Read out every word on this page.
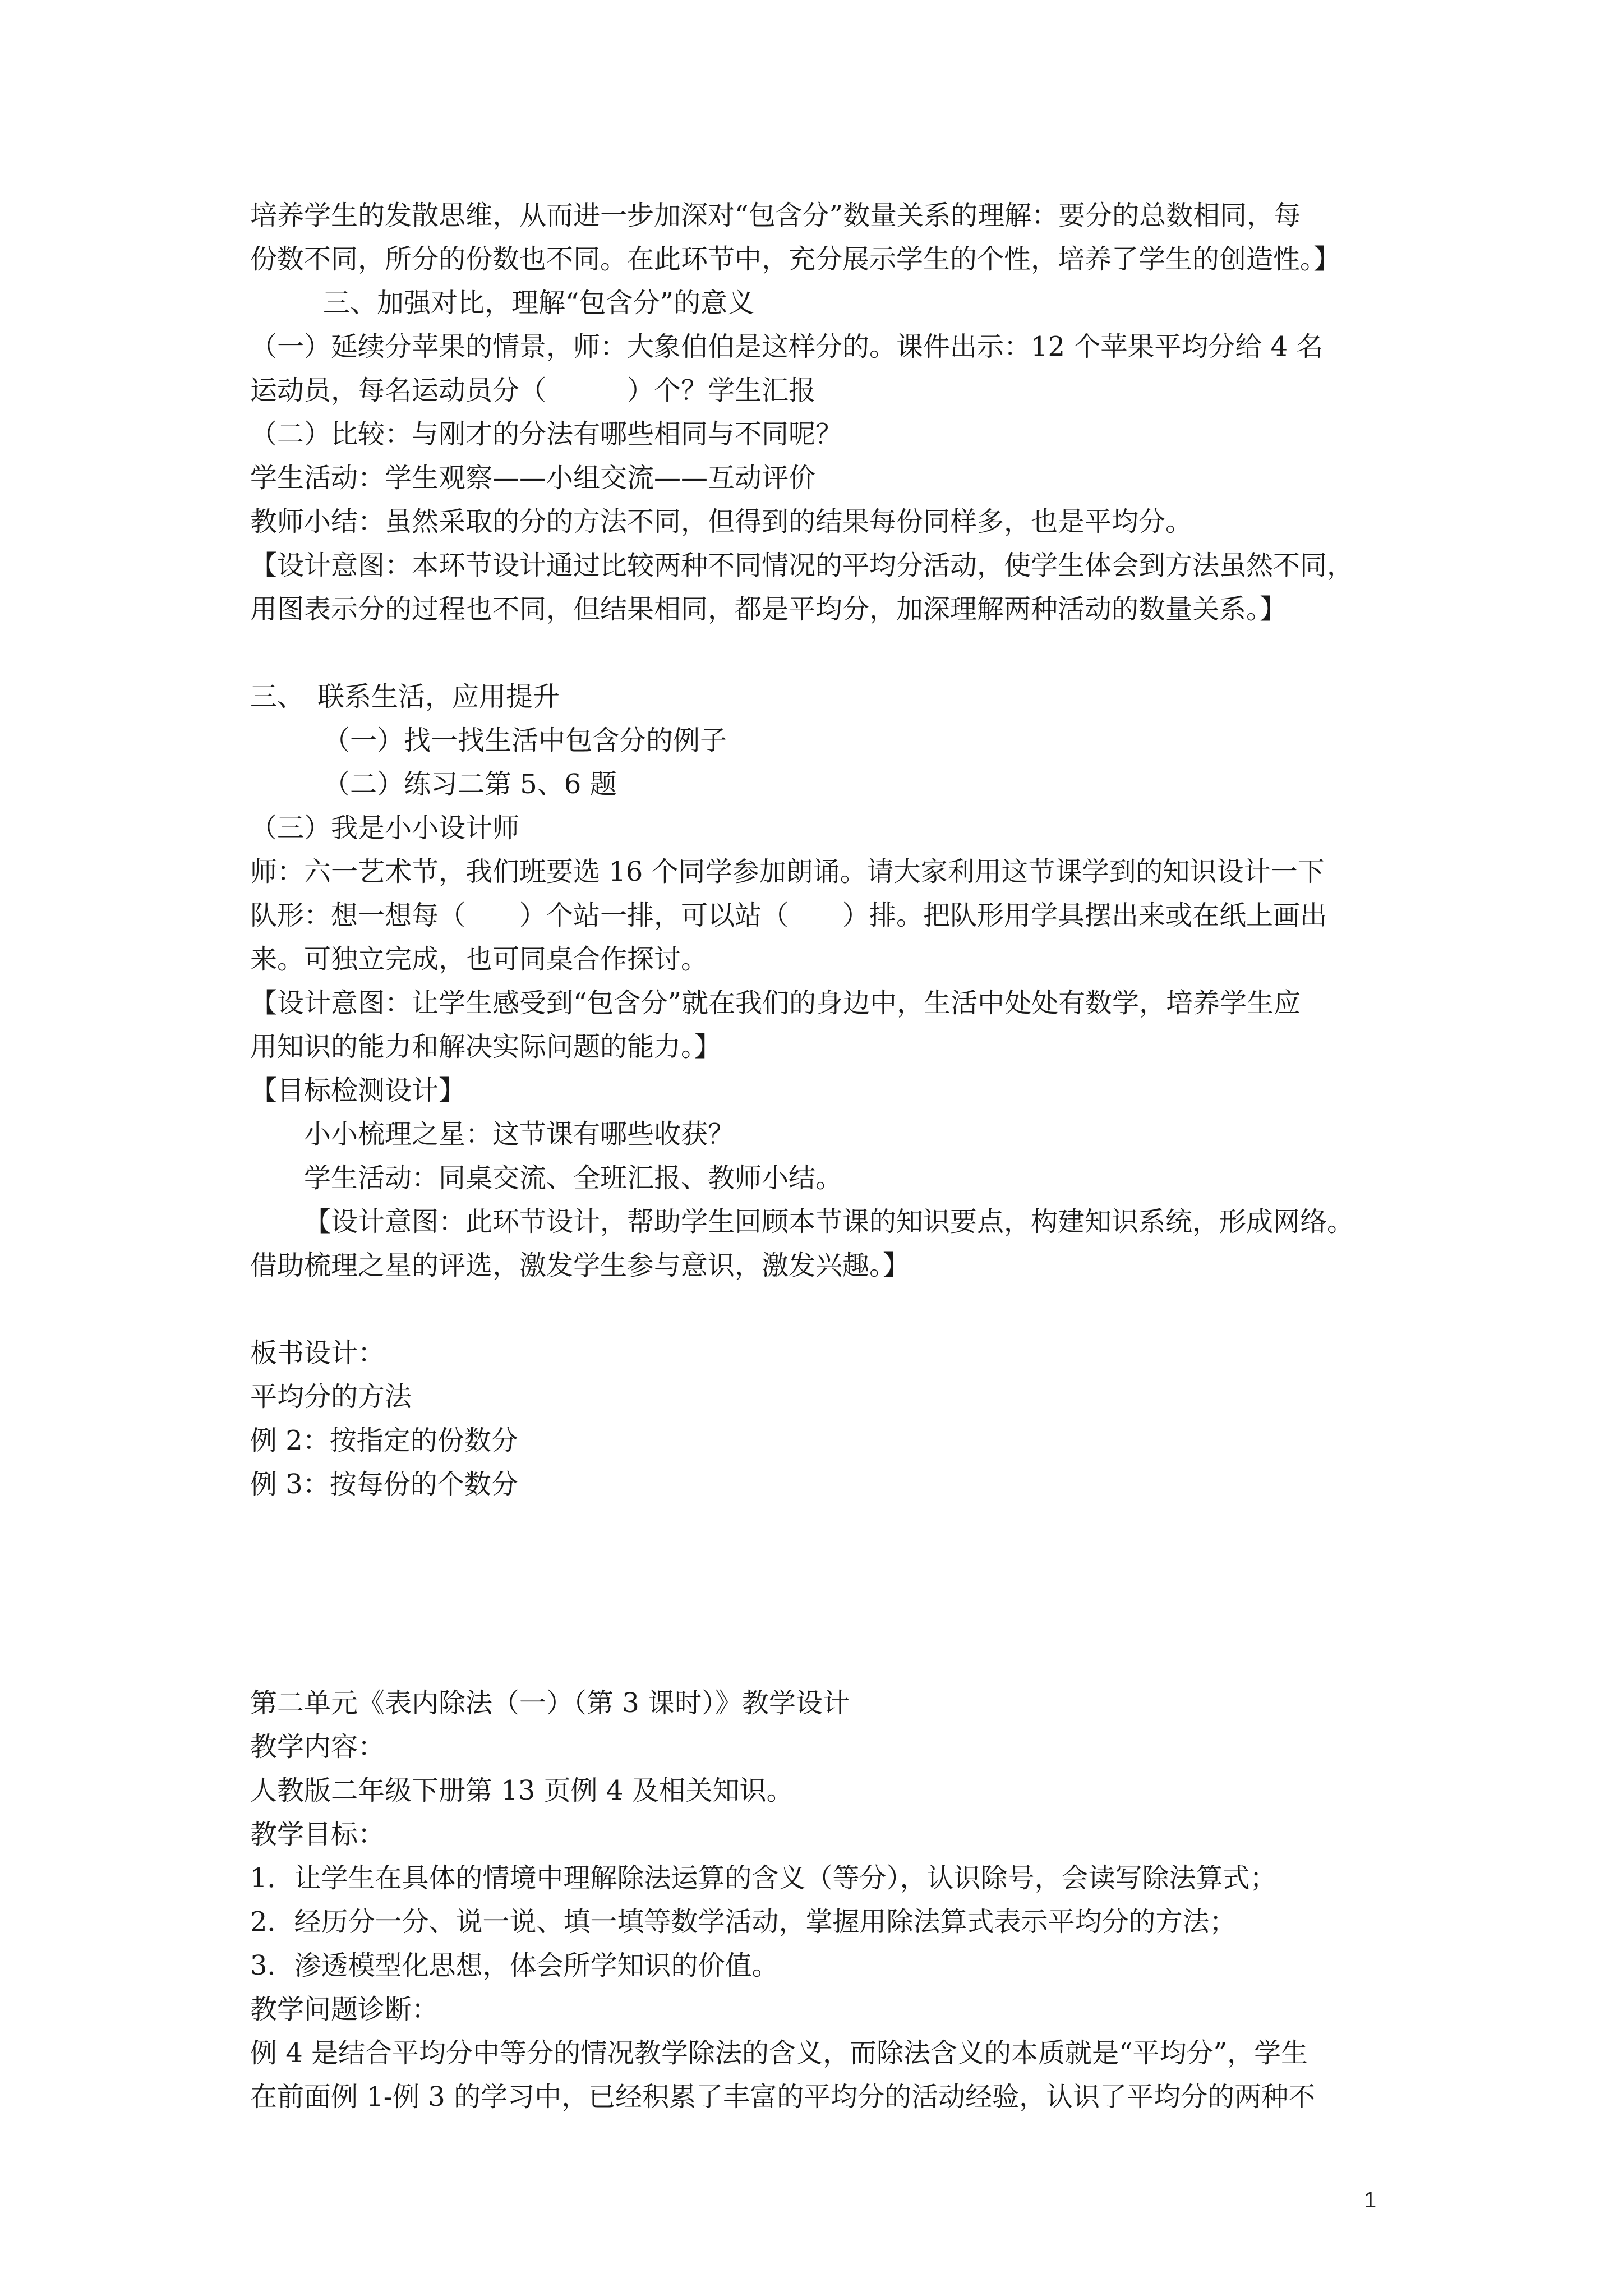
培养学生的发散思维，从而进一步加深对“包含分”数量关系的理解：要分的总数相同，每
份数不同，所分的份数也不同。在此环节中，充分展示学生的个性，培养了学生的创造性。】
三、加强对比，理解“包含分”的意义
（一）延续分苹果的情景，师：大象伯伯是这样分的。课件出示：12 个苹果平均分给 4 名
运动员，每名运动员分（　　　）个？学生汇报
（二）比较：与刚才的分法有哪些相同与不同呢？
学生活动：学生观察——小组交流——互动评价
教师小结：虽然采取的分的方法不同，但得到的结果每份同样多，也是平均分。
【设计意图：本环节设计通过比较两种不同情况的平均分活动，使学生体会到方法虽然不同，
用图表示分的过程也不同，但结果相同，都是平均分，加深理解两种活动的数量关系。】
三、　联系生活，应用提升
（一）找一找生活中包含分的例子
（二）练习二第 5、6 题
（三）我是小小设计师
师：六一艺术节，我们班要选 16 个同学参加朗诵。请大家利用这节课学到的知识设计一下
队形：想一想每（　　）个站一排，可以站（　　）排。把队形用学具摆出来或在纸上画出
来。可独立完成，也可同桌合作探讨。
【设计意图：让学生感受到“包含分”就在我们的身边中，生活中处处有数学，培养学生应
用知识的能力和解决实际问题的能力。】
【目标检测设计】
小小梳理之星：这节课有哪些收获？
学生活动：同桌交流、全班汇报、教师小结。
【设计意图：此环节设计，帮助学生回顾本节课的知识要点，构建知识系统，形成网络。
借助梳理之星的评选，激发学生参与意识，激发兴趣。】
板书设计：
平均分的方法
例 2：按指定的份数分
例 3：按每份的个数分
第二单元《表内除法（一）（第 3 课时）》教学设计
教学内容：
人教版二年级下册第 13 页例 4 及相关知识。
教学目标：
1．让学生在具体的情境中理解除法运算的含义（等分），认识除号，会读写除法算式；
2．经历分一分、说一说、填一填等数学活动，掌握用除法算式表示平均分的方法；
3．渗透模型化思想，体会所学知识的价值。
教学问题诊断：
例 4 是结合平均分中等分的情况教学除法的含义，而除法含义的本质就是“平均分”，学生
在前面例 1-例 3 的学习中，已经积累了丰富的平均分的活动经验，认识了平均分的两种不
1
